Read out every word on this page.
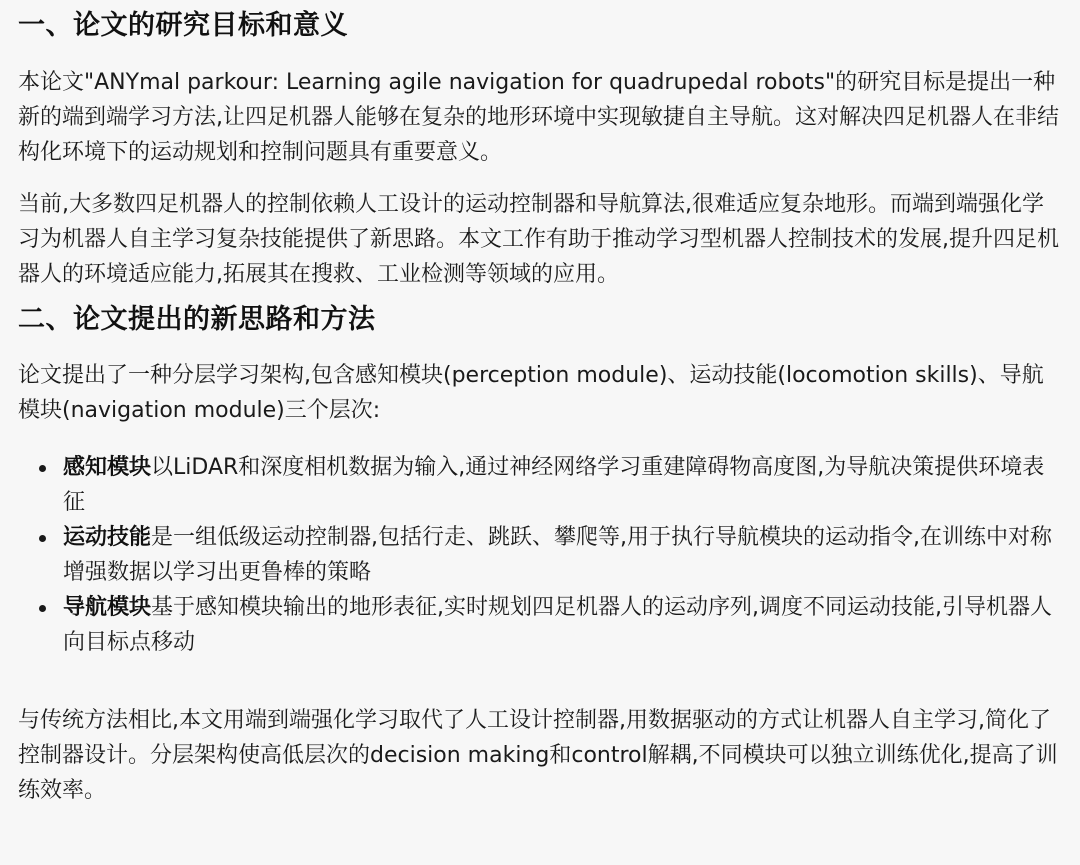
一、论文的研究目标和意义

本论文"ANYmal parkour: Learning agile navigation for quadrupedal robots"的研究目标是提出一种新的端到端学习方法,让四足机器人能够在复杂的地形环境中实现敏捷自主导航。这对解决四足机器人在非结构化环境下的运动规划和控制问题具有重要意义。

当前,大多数四足机器人的控制依赖人工设计的运动控制器和导航算法,很难适应复杂地形。而端到端强化学习为机器人自主学习复杂技能提供了新思路。本文工作有助于推动学习型机器人控制技术的发展,提升四足机器人的环境适应能力,拓展其在搜救、工业检测等领域的应用。

二、论文提出的新思路和方法

论文提出了一种分层学习架构,包含感知模块(perception module)、运动技能(locomotion skills)、导航模块(navigation module)三个层次:

感知模块以LiDAR和深度相机数据为输入,通过神经网络学习重建障碍物高度图,为导航决策提供环境表征
运动技能是一组低级运动控制器,包括行走、跳跃、攀爬等,用于执行导航模块的运动指令,在训练中对称增强数据以学习出更鲁棒的策略
导航模块基于感知模块输出的地形表征,实时规划四足机器人的运动序列,调度不同运动技能,引导机器人向目标点移动

与传统方法相比,本文用端到端强化学习取代了人工设计控制器,用数据驱动的方式让机器人自主学习,简化了控制器设计。分层架构使高低层次的decision making和control解耦,不同模块可以独立训练优化,提高了训练效率。
